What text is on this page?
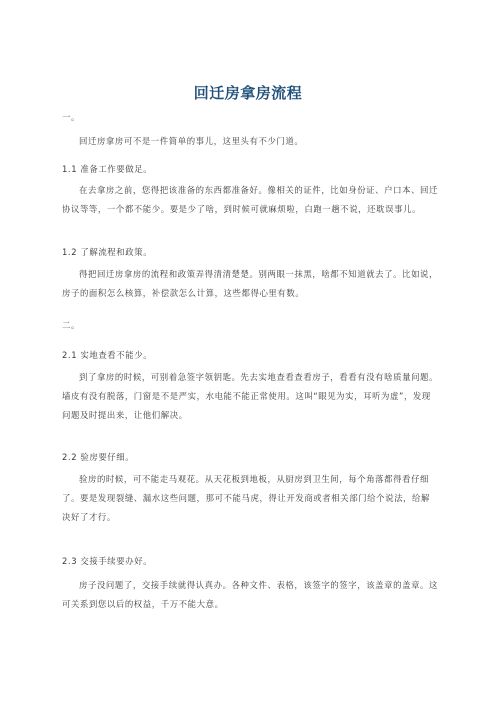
回迁房拿房流程
一。
回迁房拿房可不是一件简单的事儿，这里头有不少门道。
1.1 准备工作要做足。
在去拿房之前，您得把该准备的东西都准备好。像相关的证件，比如身份证、户口本、回迁协议等等，一个都不能少。要是少了啥，到时候可就麻烦啦，白跑一趟不说，还耽误事儿。
1.2 了解流程和政策。
得把回迁房拿房的流程和政策弄得清清楚楚。别两眼一抹黑，啥都不知道就去了。比如说，房子的面积怎么核算，补偿款怎么计算，这些都得心里有数。
二。
2.1 实地查看不能少。
到了拿房的时候，可别着急签字领钥匙。先去实地查看查看房子，看看有没有啥质量问题。墙皮有没有脱落，门窗是不是严实，水电能不能正常使用。这叫“眼见为实，耳听为虚”，发现问题及时提出来，让他们解决。
2.2 验房要仔细。
验房的时候，可不能走马观花。从天花板到地板，从厨房到卫生间，每个角落都得看仔细了。要是发现裂缝、漏水这些问题，那可不能马虎，得让开发商或者相关部门给个说法，给解决好了才行。
2.3 交接手续要办好。
房子没问题了，交接手续就得认真办。各种文件、表格，该签字的签字，该盖章的盖章。这可关系到您以后的权益，千万不能大意。
